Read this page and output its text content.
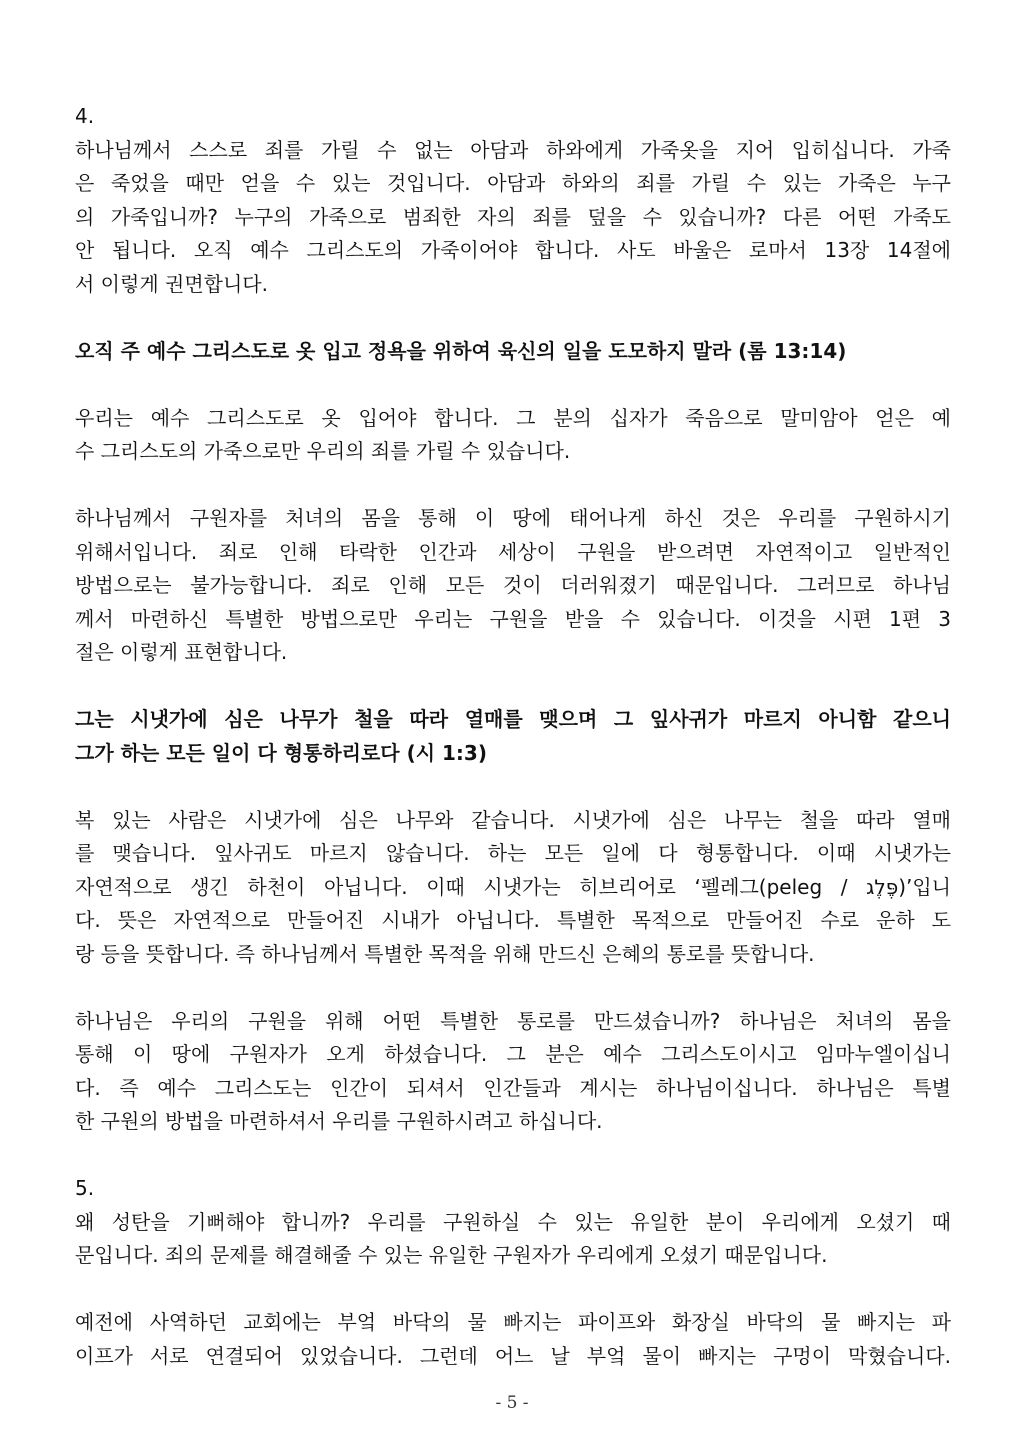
4.
하나님께서 스스로 죄를 가릴 수 없는 아담과 하와에게 가죽옷을 지어 입히십니다. 가죽
은 죽었을 때만 얻을 수 있는 것입니다. 아담과 하와의 죄를 가릴 수 있는 가죽은 누구
의 가죽입니까? 누구의 가죽으로 범죄한 자의 죄를 덮을 수 있습니까? 다른 어떤 가죽도
안 됩니다. 오직 예수 그리스도의 가죽이어야 합니다. 사도 바울은 로마서 13장 14절에
서 이렇게 권면합니다.
오직 주 예수 그리스도로 옷 입고 정욕을 위하여 육신의 일을 도모하지 말라 (롬 13:14)
우리는 예수 그리스도로 옷 입어야 합니다. 그 분의 십자가 죽음으로 말미암아 얻은 예
수 그리스도의 가죽으로만 우리의 죄를 가릴 수 있습니다.
하나님께서 구원자를 처녀의 몸을 통해 이 땅에 태어나게 하신 것은 우리를 구원하시기
위해서입니다. 죄로 인해 타락한 인간과 세상이 구원을 받으려면 자연적이고 일반적인
방법으로는 불가능합니다. 죄로 인해 모든 것이 더러워졌기 때문입니다. 그러므로 하나님
께서 마련하신 특별한 방법으로만 우리는 구원을 받을 수 있습니다. 이것을 시편 1편 3
절은 이렇게 표현합니다.
그는 시냇가에 심은 나무가 철을 따라 열매를 맺으며 그 잎사귀가 마르지 아니함 같으니
그가 하는 모든 일이 다 형통하리로다 (시 1:3)
복 있는 사람은 시냇가에 심은 나무와 같습니다. 시냇가에 심은 나무는 철을 따라 열매
를 맺습니다. 잎사귀도 마르지 않습니다. 하는 모든 일에 다 형통합니다. 이때 시냇가는
자연적으로 생긴 하천이 아닙니다. 이때 시냇가는 히브리어로 ‘펠레그(peleg / פֶּלֶג)’입니
다. 뜻은 자연적으로 만들어진 시내가 아닙니다. 특별한 목적으로 만들어진 수로 운하 도
랑 등을 뜻합니다. 즉 하나님께서 특별한 목적을 위해 만드신 은혜의 통로를 뜻합니다.
하나님은 우리의 구원을 위해 어떤 특별한 통로를 만드셨습니까? 하나님은 처녀의 몸을
통해 이 땅에 구원자가 오게 하셨습니다. 그 분은 예수 그리스도이시고 임마누엘이십니
다. 즉 예수 그리스도는 인간이 되셔서 인간들과 계시는 하나님이십니다. 하나님은 특별
한 구원의 방법을 마련하셔서 우리를 구원하시려고 하십니다.
5.
왜 성탄을 기뻐해야 합니까? 우리를 구원하실 수 있는 유일한 분이 우리에게 오셨기 때
문입니다. 죄의 문제를 해결해줄 수 있는 유일한 구원자가 우리에게 오셨기 때문입니다.
예전에 사역하던 교회에는 부엌 바닥의 물 빠지는 파이프와 화장실 바닥의 물 빠지는 파
이프가 서로 연결되어 있었습니다. 그런데 어느 날 부엌 물이 빠지는 구멍이 막혔습니다.
- 5 -
